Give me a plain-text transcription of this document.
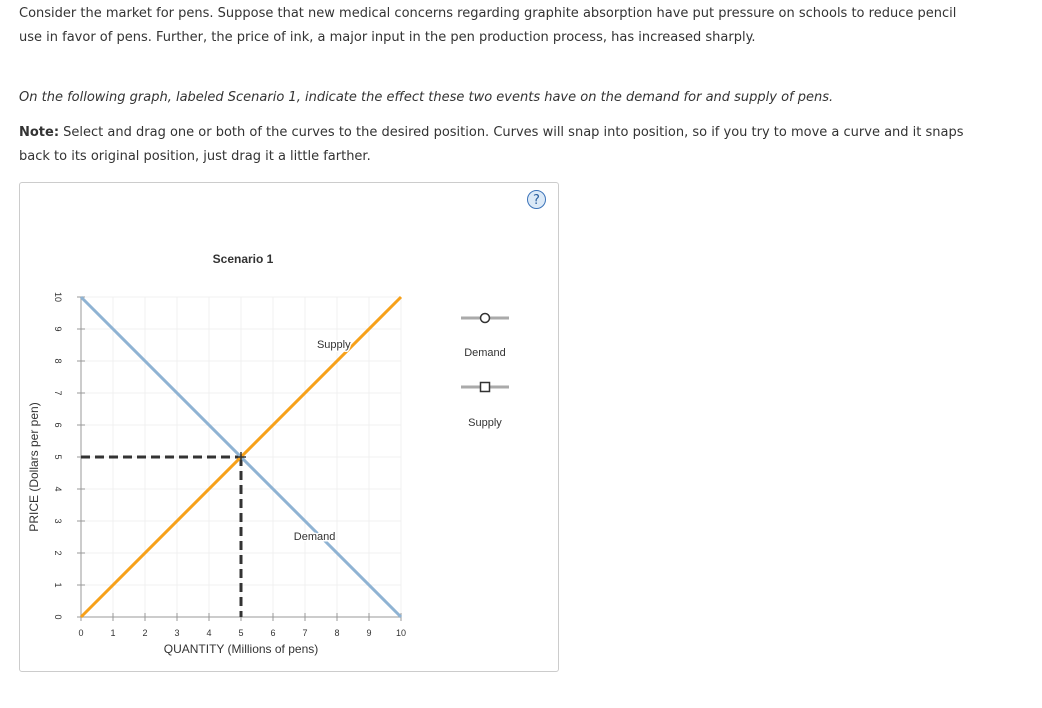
Consider the market for pens. Suppose that new medical concerns regarding graphite absorption have put pressure on schools to reduce pencil use in favor of pens. Further, the price of ink, a major input in the pen production process, has increased sharply.

On the following graph, labeled Scenario 1, indicate the effect these two events have on the demand for and supply of pens.

Note: Select and drag one or both of the curves to the desired position. Curves will snap into position, so if you try to move a curve and it snaps back to its original position, just drag it a little farther.

?
0	1	2	3	4	5	6	7	8	9	10
0
1
2
3
4
5
6
7
8
9
10
QUANTITY (Millions of pens)
PRICE (Dollars per pen)
Scenario 1
Demand
Supply
Demand
Supply
